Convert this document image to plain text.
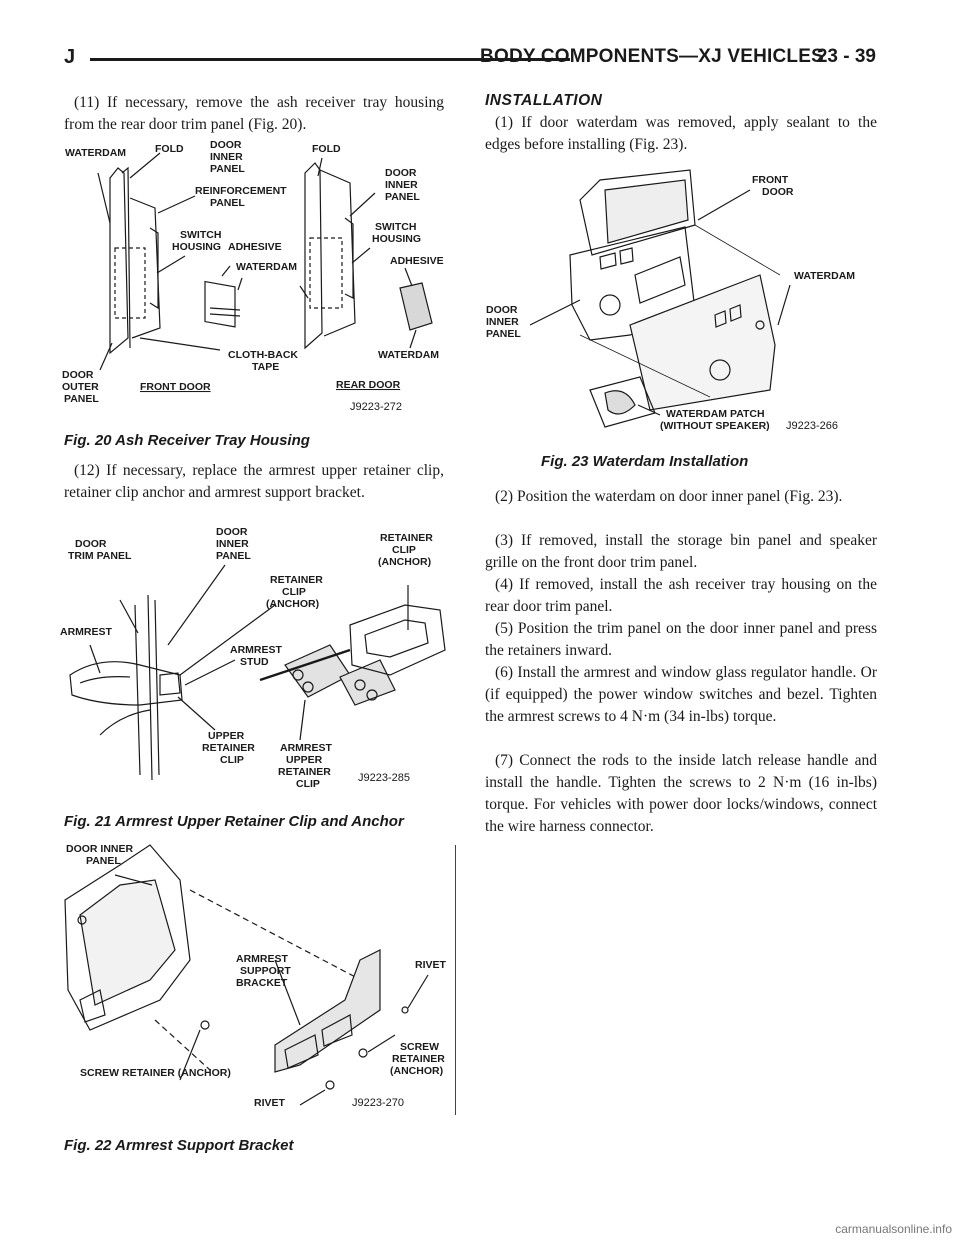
J	BODY COMPONENTS—XJ VEHICLES
23 - 39
(11) If necessary, remove the ash receiver tray housing from the rear door trim panel (Fig. 20).
WATERDAM	FOLD	DOOR
INNER
PANEL
REINFORCEMENT
PANEL
SWITCH
HOUSING ADHESIVE
WATERDAM
CLOTH-BACK
TAPE
DOOR
OUTER
PANEL
FRONT DOOR
FOLD
DOOR
INNER
PANEL
SWITCH
HOUSING
ADHESIVE
WATERDAM
REAR DOOR
J9223-272
Fig. 20 Ash Receiver Tray Housing
(12) If necessary, replace the armrest upper retainer clip, retainer clip anchor and armrest support bracket.
DOOR
TRIM PANEL
DOOR
INNER
PANEL
RETAINER
CLIP
(ANCHOR)
RETAINER
CLIP
(ANCHOR)
ARMREST
ARMREST
STUD
UPPER
RETAINER
CLIP
ARMREST
UPPER
RETAINER
CLIP	J9223-285
Fig. 21 Armrest Upper Retainer Clip and Anchor
DOOR INNER
PANEL
ARMREST
SUPPORT
BRACKET
RIVET
SCREW
RETAINER
(ANCHOR)
SCREW RETAINER (ANCHOR)
RIVET	J9223-270
Fig. 22 Armrest Support Bracket
INSTALLATION
(1) If door waterdam was removed, apply sealant to the edges before installing (Fig. 23).
FRONT
DOOR
WATERDAM
DOOR
INNER
PANEL
WATERDAM PATCH
(WITHOUT SPEAKER) J9223-266
Fig. 23 Waterdam Installation
(2) Position the waterdam on door inner panel (Fig. 23).
(3) If removed, install the storage bin panel and speaker grille on the front door trim panel.
(4) If removed, install the ash receiver tray housing on the rear door trim panel.
(5) Position the trim panel on the door inner panel and press the retainers inward.
(6) Install the armrest and window glass regulator handle. Or (if equipped) the power window switches and bezel. Tighten the armrest screws to 4 N·m (34 in-lbs) torque.
(7) Connect the rods to the inside latch release handle and install the handle. Tighten the screws to 2 N·m (16 in-lbs) torque. For vehicles with power door locks/windows, connect the wire harness connector.
carmanualsonline.info
